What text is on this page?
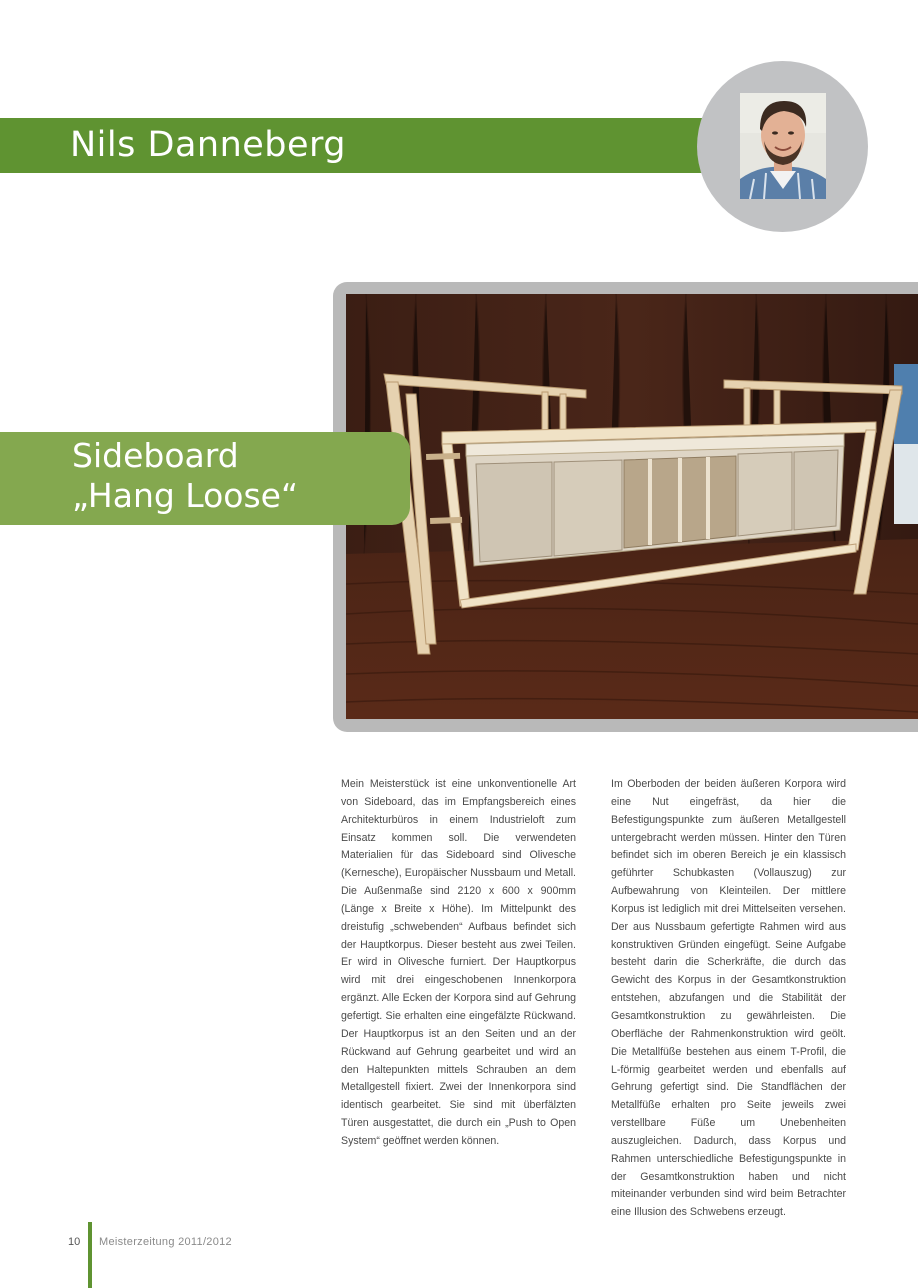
Nils Danneberg
Sideboard
„Hang Loose“
Mein Meisterstück ist eine unkonventionelle Art von Sideboard, das im Empfangsbereich eines Architekturbüros in einem Industrieloft zum Einsatz kommen soll. Die verwendeten Materialien für das Sideboard sind Olivesche (Kernesche), Europäischer Nussbaum und Metall. Die Außenmaße sind 2120 x 600 x 900mm (Länge x Breite x Höhe). Im Mittelpunkt des dreistufig „schwebenden“ Aufbaus befindet sich der Hauptkorpus. Dieser besteht aus zwei Teilen. Er wird in Olivesche furniert. Der Hauptkorpus wird mit drei eingeschobenen Innenkorpora ergänzt. Alle Ecken der Korpora sind auf Gehrung gefertigt. Sie erhalten eine eingefälzte Rückwand. Der Hauptkorpus ist an den Seiten und an der Rückwand auf Gehrung gearbeitet und wird an den Haltepunkten mittels Schrauben an dem Metallgestell fixiert. Zwei der Innenkorpora sind identisch gearbeitet. Sie sind mit überfälzten Türen ausgestattet, die durch ein „Push to Open System“ geöffnet werden können.
Im Oberboden der beiden äußeren Korpora wird eine Nut eingefräst, da hier die Befestigungspunkte zum äußeren Metallgestell untergebracht werden müssen. Hinter den Türen befindet sich im oberen Bereich je ein klassisch geführter Schubkasten (Vollauszug) zur Aufbewahrung von Kleinteilen. Der mittlere Korpus ist lediglich mit drei Mittelseiten versehen. Der aus Nussbaum gefertigte Rahmen wird aus konstruktiven Gründen eingefügt. Seine Aufgabe besteht darin die Scherkräfte, die durch das Gewicht des Korpus in der Gesamtkonstruktion entstehen, abzufangen und die Stabilität der Gesamtkonstruktion zu gewährleisten. Die Oberfläche der Rahmenkonstruktion wird geölt. Die Metallfüße bestehen aus einem T-Profil, die L-förmig gearbeitet werden und ebenfalls auf Gehrung gefertigt sind. Die Standflächen der Metallfüße erhalten pro Seite jeweils zwei verstellbare Füße um Unebenheiten auszugleichen. Dadurch, dass Korpus und Rahmen unterschiedliche Befestigungspunkte in der Gesamtkonstruktion haben und nicht miteinander verbunden sind wird beim Betrachter eine Illusion des Schwebens erzeugt.
10 Meisterzeitung 2011/2012
